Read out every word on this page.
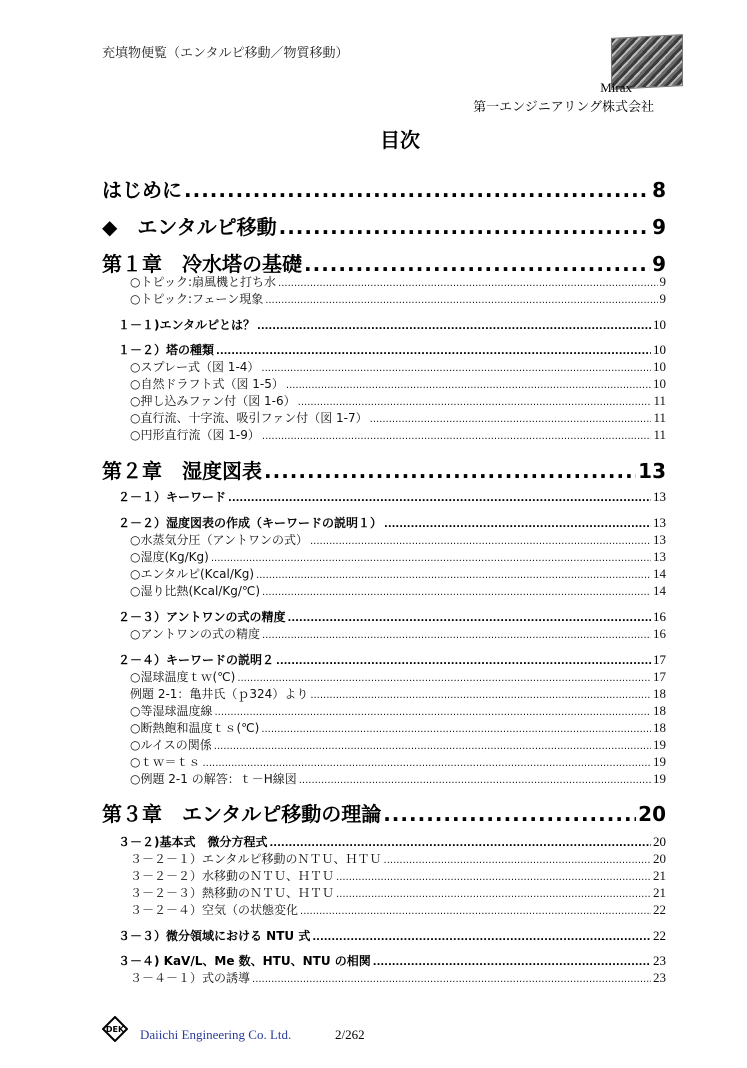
充填物便覧（エンタルピ移動／物質移動）
Mirax
第一エンジニアリング株式会社
目次
はじめに .....	8
◆　エンタルピ移動 .....	9
第１章　冷水塔の基礎 .....	9
○トピック:扇風機と打ち水 .....	9
○トピック:フェーン現象 .....	9
１－１)エンタルピとは？ .....	10
１－２）塔の種類 .....	10
○スプレー式（図 1-4） .....	10
○自然ドラフト式（図 1-5） .....	10
○押し込みファン付（図 1-6） .....	11
○直行流、十字流、吸引ファン付（図 1-7） .....	11
○円形直行流（図 1-9） .....	11
第２章　湿度図表 .....	13
２－１）キーワード .....	13
２－２）湿度図表の作成（キーワードの説明１） .....	13
○水蒸気分圧（アントワンの式） .....	13
○湿度(Kg/Kg) .....	13
○エンタルピ(Kcal/Kg) .....	14
○湿り比熱(Kcal/Kg/℃) .....	14
２－３）アントワンの式の精度 .....	16
○アントワンの式の精度 .....	16
２－４）キーワードの説明２ .....	17
○湿球温度ｔｗ(℃) .....	17
例題 2-1：亀井氏（ｐ324）より .....	18
○等湿球温度線 .....	18
○断熱飽和温度ｔｓ(℃) .....	18
○ルイスの関係 .....	19
○ｔｗ＝ｔｓ .....	19
○例題 2-1 の解答：ｔ－H線図 .....	19
第３章　エンタルピ移動の理論 .....	20
３－２)基本式　微分方程式 .....	20
３－２－１）エンタルピ移動のＮＴＵ、ＨＴＵ .....	20
３－２－２）水移動のＮＴＵ、ＨＴＵ .....	21
３－２－３）熱移動のＮＴＵ、ＨＴＵ .....	21
３－２－４）空気（の状態変化 .....	22
３－３）微分領域における NTU 式 .....	22
３－４) KaV/L、Me 数、HTU、NTU の相関 .....	23
３－４－１）式の誘導 .....	23
DEK Daiichi Engineering Co. Ltd.	2/262
